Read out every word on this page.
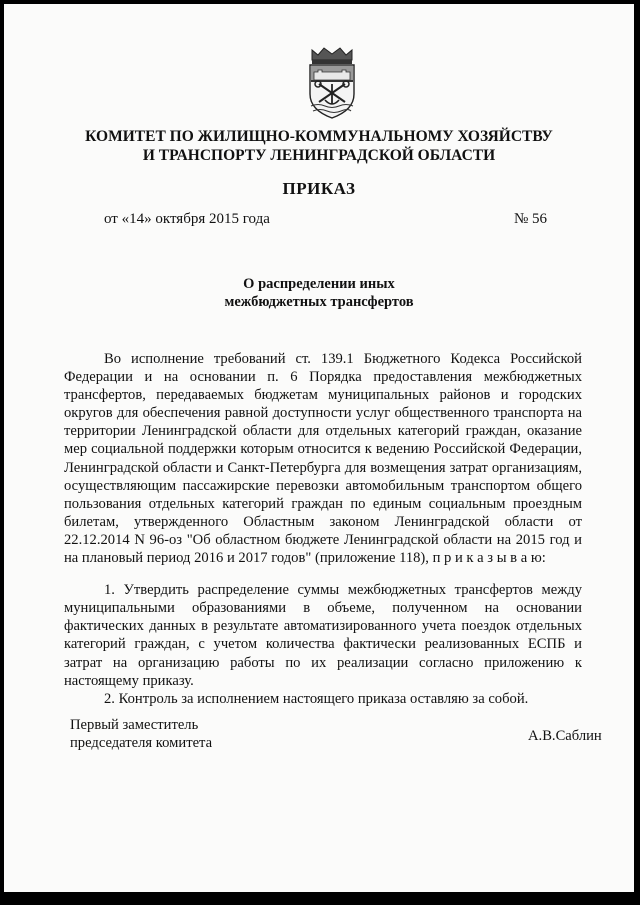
КОМИТЕТ ПО ЖИЛИЩНО-КОММУНАЛЬНОМУ ХОЗЯЙСТВУ
И ТРАНСПОРТУ ЛЕНИНГРАДСКОЙ ОБЛАСТИ
ПРИКАЗ
от «14» октября 2015 года	№ 56
О распределении иных
межбюджетных трансфертов

Во исполнение требований ст. 139.1 Бюджетного Кодекса Российской Федерации и на основании п. 6 Порядка предоставления межбюджетных трансфертов, передаваемых бюджетам муниципальных районов и городских округов для обеспечения равной доступности услуг общественного транспорта на территории Ленинградской области для отдельных категорий граждан, оказание мер социальной поддержки которым относится к ведению Российской Федерации, Ленинградской области и Санкт-Петербурга для возмещения затрат организациям, осуществляющим пассажирские перевозки автомобильным транспортом общего пользования отдельных категорий граждан по единым социальным проездным билетам, утвержденного Областным законом Ленинградской области от 22.12.2014 N 96-оз "Об областном бюджете Ленинградской области на 2015 год и на плановый период 2016 и 2017 годов" (приложение 118), п р и к а з ы в а ю:

1. Утвердить распределение суммы межбюджетных трансфертов между муниципальными образованиями в объеме, полученном на основании фактических данных в результате автоматизированного учета поездок отдельных категорий граждан, с учетом количества фактически реализованных ЕСПБ и затрат на организацию работы по их реализации согласно приложению к настоящему приказу.

2. Контроль за исполнением настоящего приказа оставляю за собой.

Первый заместитель
председателя комитета	А.В.Саблин
